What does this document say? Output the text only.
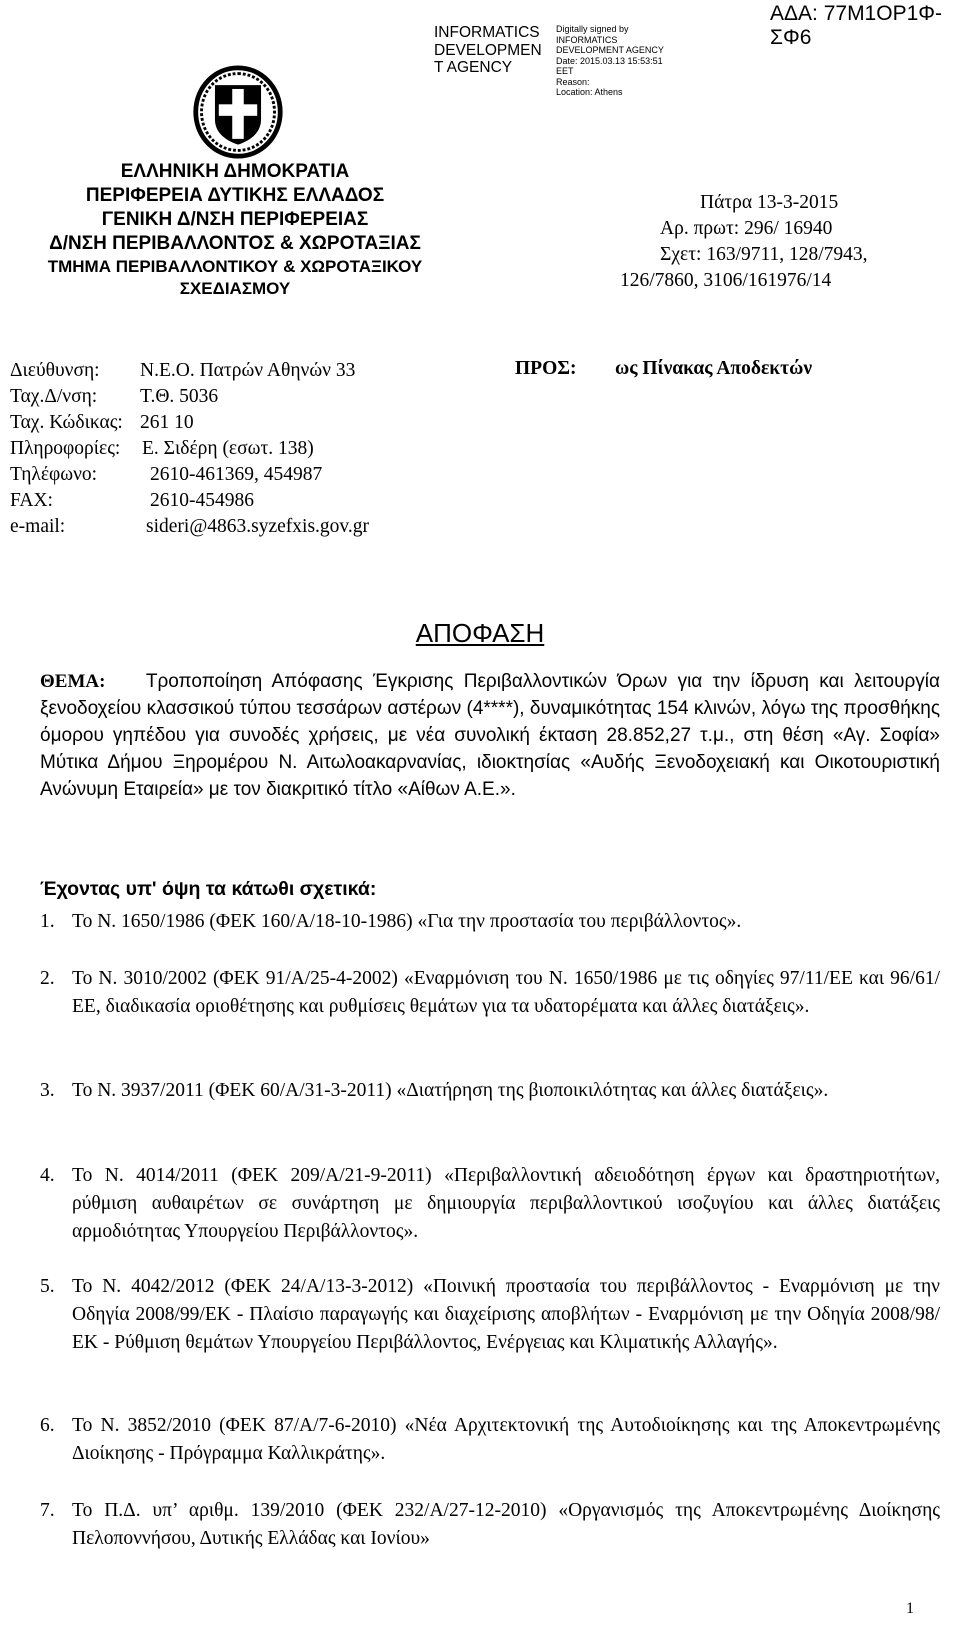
ΑΔΑ: 77Μ1ΟΡ1Φ-ΣΦ6
INFORMATICS
DEVELOPMEN
T AGENCY
Digitally signed by
INFORMATICS
DEVELOPMENT AGENCY
Date: 2015.03.13 15:53:51
EET
Reason:
Location: Athens
ΕΛΛΗΝΙΚΗ ΔΗΜΟΚΡΑΤΙΑ
ΠΕΡΙΦΕΡΕΙΑ ΔΥΤΙΚΗΣ ΕΛΛΑΔΟΣ
ΓΕΝΙΚΗ Δ/ΝΣΗ ΠΕΡΙΦΕΡΕΙΑΣ
Δ/ΝΣΗ ΠΕΡΙΒΑΛΛΟΝΤΟΣ & ΧΩΡΟΤΑΞΙΑΣ
ΤΜΗΜΑ ΠΕΡΙΒΑΛΛΟΝΤΙΚΟΥ & ΧΩΡΟΤΑΞΙΚΟΥ
ΣΧΕΔΙΑΣΜΟΥ
Πάτρα 13-3-2015
Αρ. πρωτ: 296/ 16940
Σχετ: 163/9711, 128/7943,
126/7860, 3106/161976/14
Διεύθυνση: Ν.Ε.Ο. Πατρών Αθηνών 33
Ταχ.Δ/νση: Τ.Θ. 5036
Ταχ. Κώδικας: 261 10
Πληροφορίες: Ε. Σιδέρη (εσωτ. 138)
Τηλέφωνο:	2610-461369, 454987
FAX:	2610-454986
e-mail:	sideri@4863.syzefxis.gov.gr
ΠΡΟΣ: ως Πίνακας Αποδεκτών
ΑΠΟΦΑΣΗ
ΘΕΜΑ: Τροποποίηση Απόφασης Έγκρισης Περιβαλλοντικών Όρων για την ίδρυση και λειτουργία ξενοδοχείου κλασσικού τύπου τεσσάρων αστέρων (4****), δυναμικότητας 154 κλινών, λόγω της προσθήκης όμορου γηπέδου για συνοδές χρήσεις, με νέα συνολική έκταση 28.852,27 τ.μ., στη θέση «Αγ. Σοφία» Μύτικα Δήμου Ξηρομέρου Ν. Αιτωλοακαρνανίας, ιδιοκτησίας «Αυδής Ξενοδοχειακή και Οικοτουριστική Ανώνυμη Εταιρεία» με τον διακριτικό τίτλο «Αίθων Α.Ε.».
Έχοντας υπ' όψη τα κάτωθι σχετικά:
1. Το Ν. 1650/1986 (ΦΕΚ 160/Α/18-10-1986) «Για την προστασία του περιβάλλοντος».
2. Το Ν. 3010/2002 (ΦΕΚ 91/Α/25-4-2002) «Εναρμόνιση του Ν. 1650/1986 με τις οδηγίες 97/11/ΕΕ και 96/61/ΕΕ, διαδικασία οριοθέτησης και ρυθμίσεις θεμάτων για τα υδατορέματα και άλλες διατάξεις».
3. Το Ν. 3937/2011 (ΦΕΚ 60/Α/31-3-2011) «Διατήρηση της βιοποικιλότητας και άλλες διατάξεις».
4. Το Ν. 4014/2011 (ΦΕΚ 209/Α/21-9-2011) «Περιβαλλοντική αδειοδότηση έργων και δραστηριοτήτων, ρύθμιση αυθαιρέτων σε συνάρτηση με δημιουργία περιβαλλοντικού ισοζυγίου και άλλες διατάξεις αρμοδιότητας Υπουργείου Περιβάλλοντος».
5. Το Ν. 4042/2012 (ΦΕΚ 24/Α/13-3-2012) «Ποινική προστασία του περιβάλλοντος - Εναρμόνιση με την Οδηγία 2008/99/ΕΚ - Πλαίσιο παραγωγής και διαχείρισης αποβλήτων - Εναρμόνιση με την Οδηγία 2008/98/ΕΚ - Ρύθμιση θεμάτων Υπουργείου Περιβάλλοντος, Ενέργειας και Κλιματικής Αλλαγής».
6. Το Ν. 3852/2010 (ΦΕΚ 87/Α/7-6-2010) «Νέα Αρχιτεκτονική της Αυτοδιοίκησης και της Αποκεντρωμένης Διοίκησης - Πρόγραμμα Καλλικράτης».
7. Το Π.Δ. υπ’ αριθμ. 139/2010 (ΦΕΚ 232/Α/27-12-2010) «Οργανισμός της Αποκεντρωμένης Διοίκησης Πελοποννήσου, Δυτικής Ελλάδας και Ιονίου»
1
